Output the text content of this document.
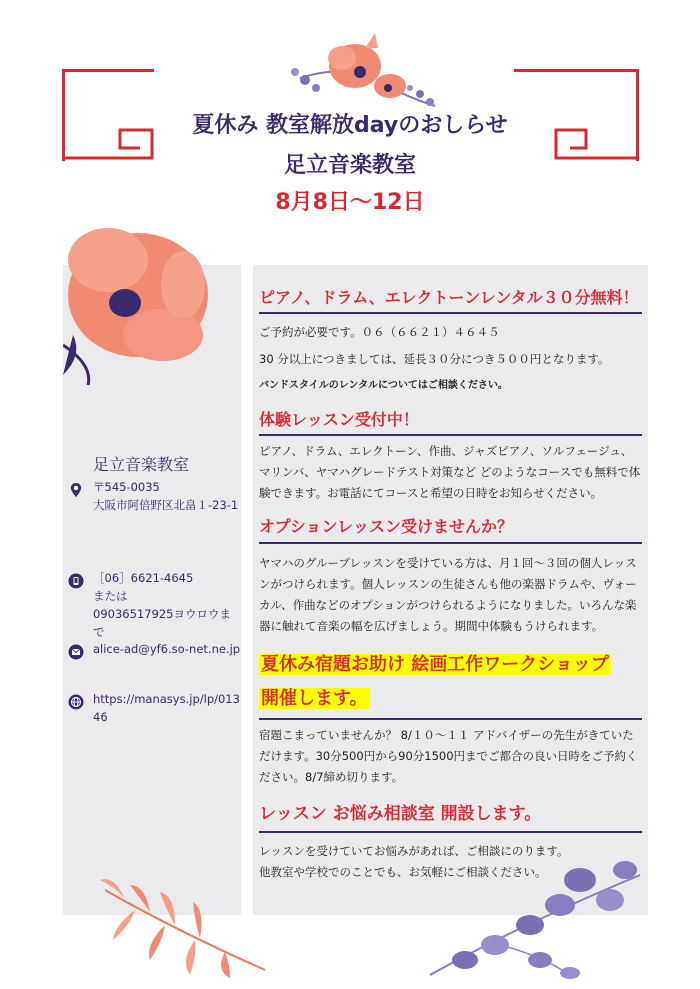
夏休み 教室解放dayのおしらせ
足立音楽教室
8月8日～12日

足立音楽教室

〒545-0035
大阪市阿倍野区北畠１-23-1
［06］6621-4645
または
09036517925ヨウロウまで
alice-ad@yf6.so-net.ne.jp
https://manasys.jp/lp/01346
ピアノ、ドラム、エレクトーンレンタル３０分無料！

ご予約が必要です。０６（６６２１）４６４５

30 分以上につきましては、延長３０分につき５００円となります。

バンドスタイルのレンタルについてはご相談ください。

体験レッスン受付中！

ピアノ、ドラム、エレクトーン、作曲、ジャズピアノ、ソルフェージュ、マリンバ、ヤマハグレードテスト対策など どのようなコースでも無料で体験できます。お電話にてコースと希望の日時をお知らせください。

オプションレッスン受けませんか？

ヤマハのグループレッスンを受けている方は、月１回～３回の個人レッスンがつけられます。個人レッスンの生徒さんも他の楽器ドラムや、ヴォーカル、作曲などのオプションがつけられるようになりました。いろんな楽器に触れて音楽の幅を広げましょう。期間中体験もうけられます。

夏休み宿題お助け 絵画工作ワークショップ

開催します。

宿題こまっていませんか？ 8/１０～１１ アドバイザーの先生がきていただけます。30分500円から90分1500円までご都合の良い日時をご予約ください。8/7締め切ります。

レッスン お悩み相談室 開設します。

レッスンを受けていてお悩みがあれば、ご相談にのります。

他教室や学校でのことでも、お気軽にご相談ください。
